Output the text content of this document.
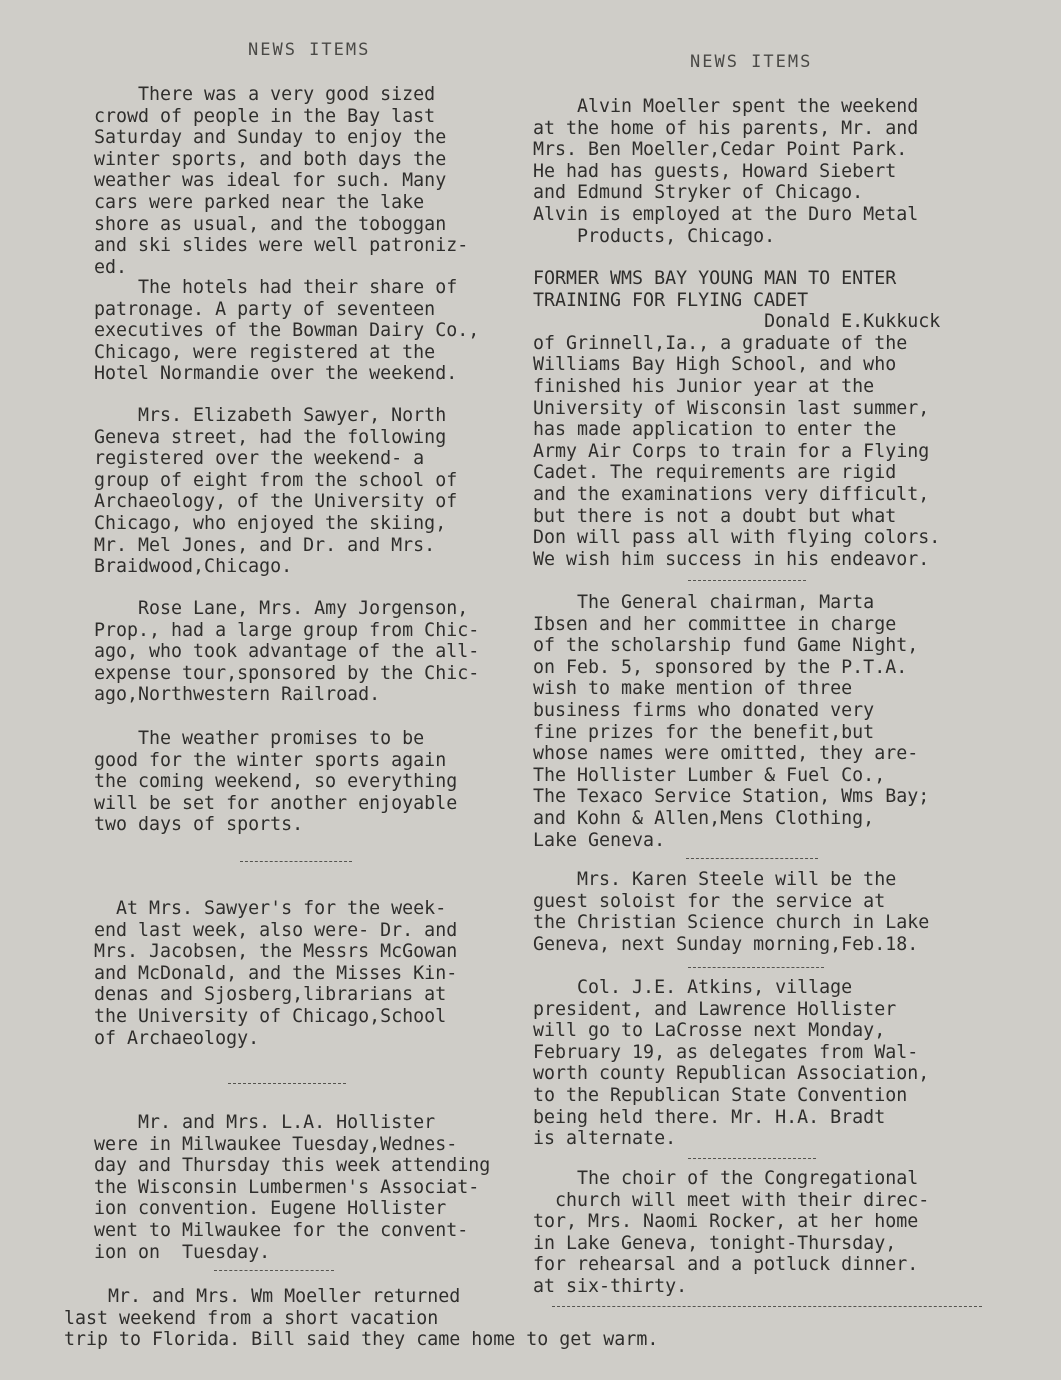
NEWS ITEMS
NEWS ITEMS
There was a very good sized
crowd of people in the Bay last
Saturday and Sunday to enjoy the
winter sports, and both days the
weather was ideal for such. Many
cars were parked near the lake
shore as usual, and the toboggan
and ski slides were well patroniz-
ed.
The hotels had their share of
patronage. A party of seventeen
executives of the Bowman Dairy Co.,
Chicago, were registered at the
Hotel Normandie over the weekend.
Mrs. Elizabeth Sawyer, North
Geneva street, had the following
registered over the weekend- a
group of eight from the school of
Archaeology, of the University of
Chicago, who enjoyed the skiing,
Mr. Mel Jones, and Dr. and Mrs.
Braidwood,Chicago.
Rose Lane, Mrs. Amy Jorgenson,
Prop., had a large group from Chic-
ago, who took advantage of the all-
expense tour,sponsored by the Chic-
ago,Northwestern Railroad.
The weather promises to be
good for the winter sports again
the coming weekend, so everything
will be set for another enjoyable
two days of sports.
At Mrs. Sawyer's for the week-
end last week, also were- Dr. and
Mrs. Jacobsen, the Messrs McGowan
and McDonald, and the Misses Kin-
denas and Sjosberg,librarians at
the University of Chicago,School
of Archaeology.
Mr. and Mrs. L.A. Hollister
were in Milwaukee Tuesday,Wednes-
day and Thursday this week attending
the Wisconsin Lumbermen's Associat-
ion convention. Eugene Hollister
went to Milwaukee for the convent-
ion on  Tuesday.
Alvin Moeller spent the weekend
at the home of his parents, Mr. and
Mrs. Ben Moeller,Cedar Point Park.
He had has guests, Howard Siebert
and Edmund Stryker of Chicago.
Alvin is employed at the Duro Metal
Products, Chicago.
FORMER WMS BAY YOUNG MAN TO ENTER
TRAINING FOR FLYING CADET
Donald E.Kukkuck
of Grinnell,Ia., a graduate of the
Williams Bay High School, and who
finished his Junior year at the
University of Wisconsin last summer,
has made application to enter the
Army Air Corps to train for a Flying
Cadet. The requirements are rigid
and the examinations very difficult,
but there is not a doubt but what
Don will pass all with flying colors.
We wish him success in his endeavor.
The General chairman, Marta
Ibsen and her committee in charge
of the scholarship fund Game Night,
on Feb. 5, sponsored by the P.T.A.
wish to make mention of three
business firms who donated very
fine prizes for the benefit,but
whose names were omitted, they are-
The Hollister Lumber & Fuel Co.,
The Texaco Service Station, Wms Bay;
and Kohn & Allen,Mens Clothing,
Lake Geneva.
Mrs. Karen Steele will be the
guest soloist for the service at
the Christian Science church in Lake
Geneva, next Sunday morning,Feb.18.
Col. J.E. Atkins, village
president, and Lawrence Hollister
will go to LaCrosse next Monday,
February 19, as delegates from Wal-
worth county Republican Association,
to the Republican State Convention
being held there. Mr. H.A. Bradt
is alternate.
The choir of the Congregational
church will meet with their direc-
tor, Mrs. Naomi Rocker, at her home
in Lake Geneva, tonight-Thursday,
for rehearsal and a potluck dinner.
at six-thirty.
Mr. and Mrs. Wm Moeller returned
last weekend from a short vacation
trip to Florida. Bill said they came home to get warm.
